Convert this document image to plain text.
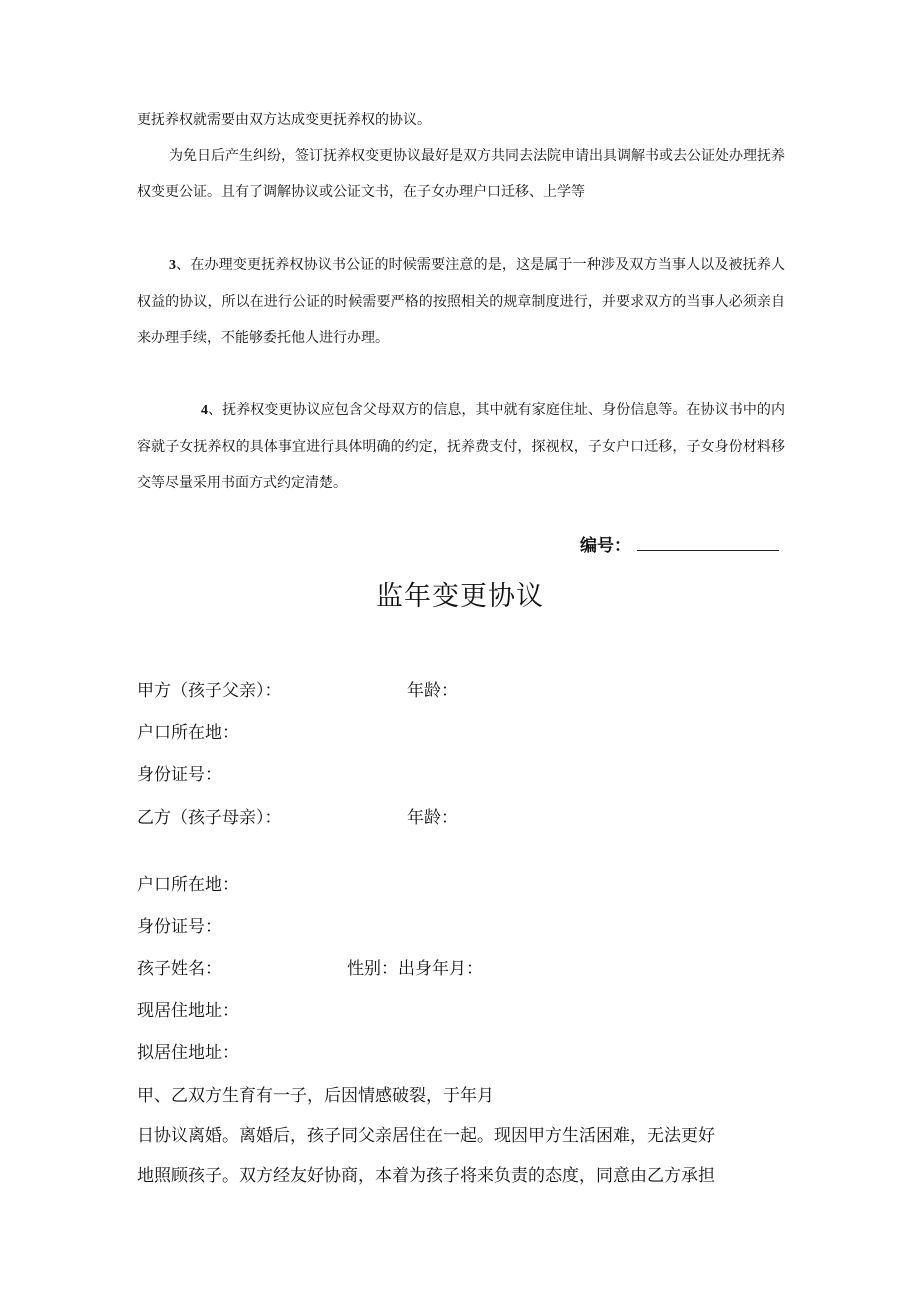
更抚养权就需要由双方达成变更抚养权的协议。

为免日后产生纠纷，签订抚养权变更协议最好是双方共同去法院申请出具调解书或去公证处办理抚养权变更公证。且有了调解协议或公证文书，在子女办理户口迁移、上学等

3、在办理变更抚养权协议书公证的时候需要注意的是，这是属于一种涉及双方当事人以及被抚养人权益的协议，所以在进行公证的时候需要严格的按照相关的规章制度进行，并要求双方的当事人必须亲自来办理手续，不能够委托他人进行办理。

4、抚养权变更协议应包含父母双方的信息，其中就有家庭住址、身份信息等。在协议书中的内容就子女抚养权的具体事宜进行具体明确的约定，抚养费支付，探视权，子女户口迁移，子女身份材料移交等尽量采用书面方式约定清楚。

编号：
监年变更协议
甲方（孩子父亲）：	年龄：
户口所在地：
身份证号：
乙方（孩子母亲）：	年龄：
户口所在地：
身份证号：
孩子姓名：	性别：出身年月：
现居住地址：
拟居住地址：
甲、乙双方生育有一子，后因情感破裂，于年月
日协议离婚。离婚后，孩子同父亲居住在一起。现因甲方生活困难，无法更好
地照顾孩子。双方经友好协商，本着为孩子将来负责的态度，同意由乙方承担
